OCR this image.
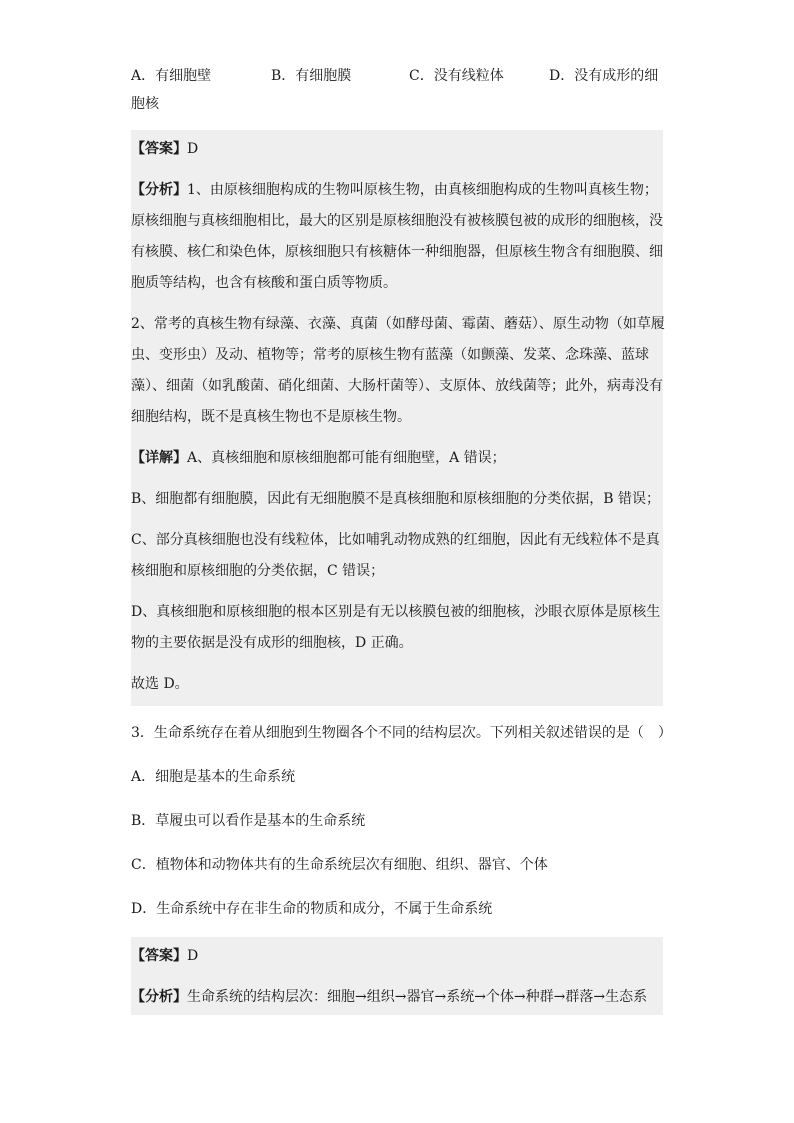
A．有细胞壁	B．有细胞膜	C．没有线粒体	D．没有成形的细
胞核
【答案】D
【分析】1、由原核细胞构成的生物叫原核生物，由真核细胞构成的生物叫真核生物；
原核细胞与真核细胞相比，最大的区别是原核细胞没有被核膜包被的成形的细胞核，没
有核膜、核仁和染色体，原核细胞只有核糖体一种细胞器，但原核生物含有细胞膜、细
胞质等结构，也含有核酸和蛋白质等物质。
2、常考的真核生物有绿藻、衣藻、真菌（如酵母菌、霉菌、蘑菇）、原生动物（如草履
虫、变形虫）及动、植物等；常考的原核生物有蓝藻（如颤藻、发菜、念珠藻、蓝球
藻）、细菌（如乳酸菌、硝化细菌、大肠杆菌等）、支原体、放线菌等；此外，病毒没有
细胞结构，既不是真核生物也不是原核生物。
【详解】A、真核细胞和原核细胞都可能有细胞壁，A 错误；
B、细胞都有细胞膜，因此有无细胞膜不是真核细胞和原核细胞的分类依据，B 错误；
C、部分真核细胞也没有线粒体，比如哺乳动物成熟的红细胞，因此有无线粒体不是真
核细胞和原核细胞的分类依据，C 错误；
D、真核细胞和原核细胞的根本区别是有无以核膜包被的细胞核，沙眼衣原体是原核生
物的主要依据是没有成形的细胞核，D 正确。
故选 D。
3．生命系统存在着从细胞到生物圈各个不同的结构层次。下列相关叙述错误的是（　）
A．细胞是基本的生命系统
B．草履虫可以看作是基本的生命系统
C．植物体和动物体共有的生命系统层次有细胞、组织、器官、个体
D．生命系统中存在非生命的物质和成分，不属于生命系统
【答案】D
【分析】生命系统的结构层次：细胞→组织→器官→系统→个体→种群→群落→生态系
